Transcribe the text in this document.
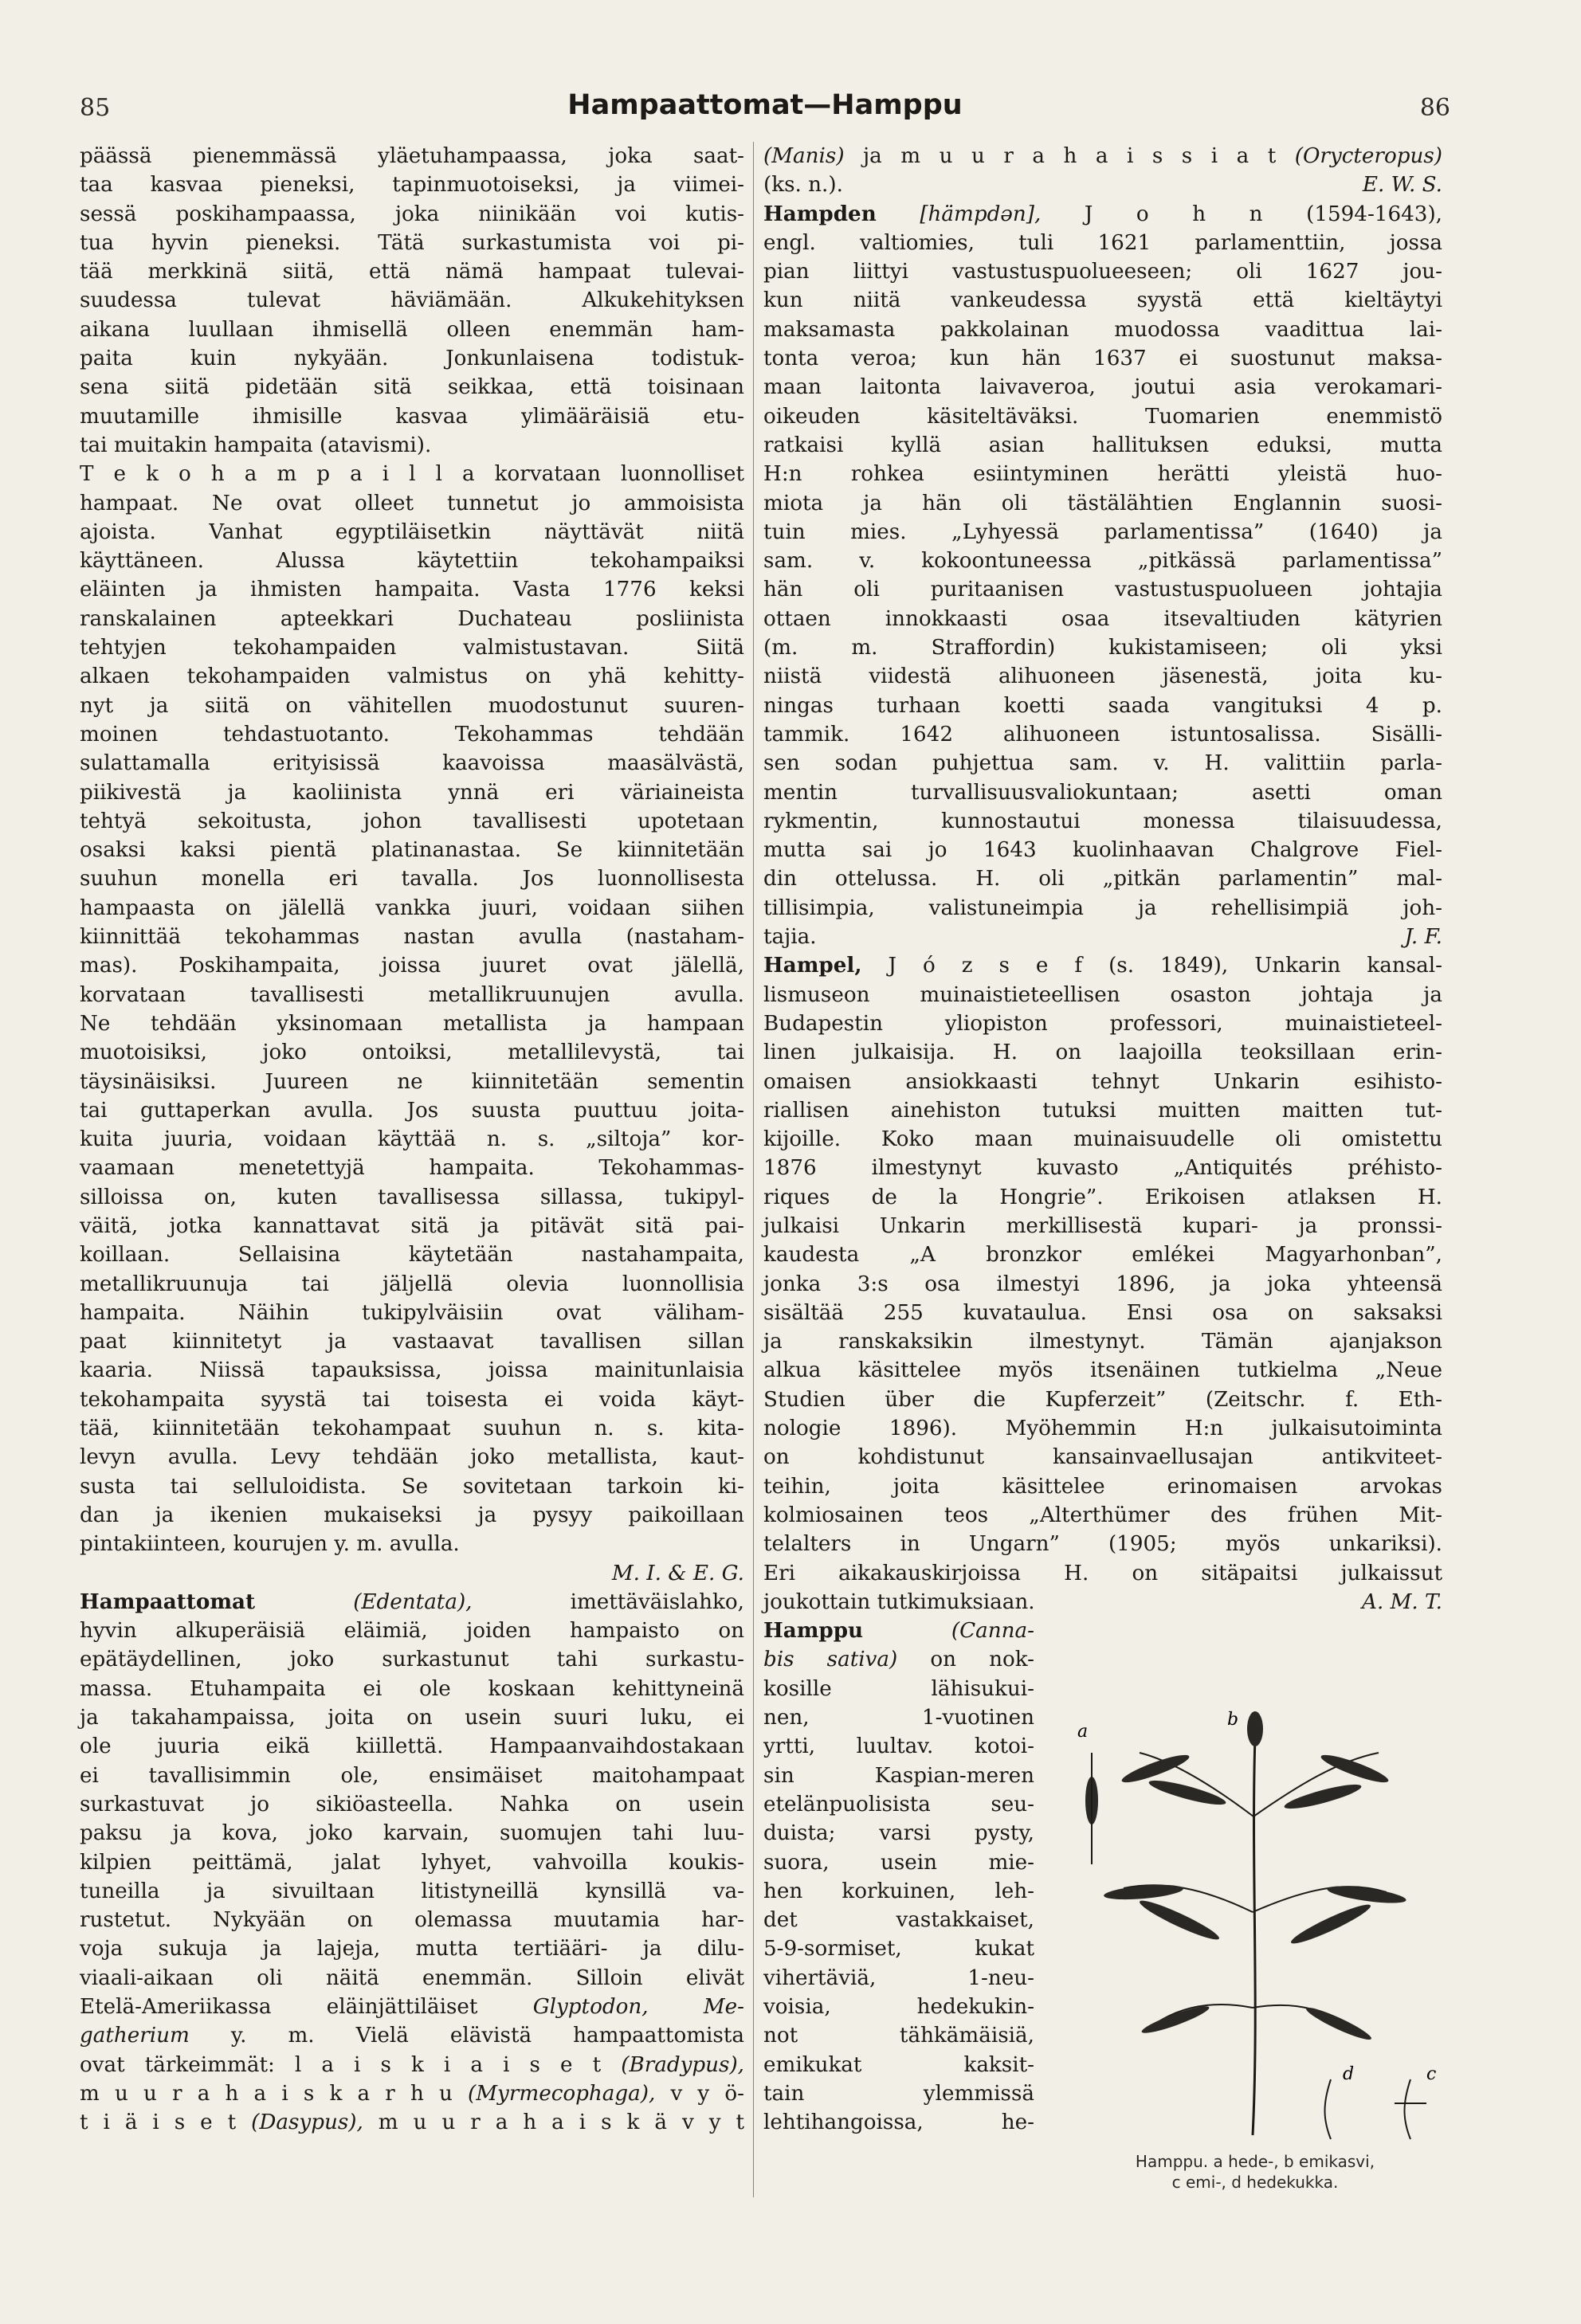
85	Hampaattomat—Hamppu	86
päässä pienemmässä yläetuhampaassa, joka saat-
taa kasvaa pieneksi, tapinmuotoiseksi, ja viimei-
sessä poskihampaassa, joka niinikään voi kutis-
tua hyvin pieneksi. Tätä surkastumista voi pi-
tää merkkinä siitä, että nämä hampaat tulevai-
suudessa tulevat häviämään. Alkukehityksen
aikana luullaan ihmisellä olleen enemmän ham-
paita kuin nykyään. Jonkunlaisena todistuk-
sena siitä pidetään sitä seikkaa, että toisinaan
muutamille ihmisille kasvaa ylimääräisiä etu-
tai muitakin hampaita (atavismi).
T e k o h a m p a i l l a korvataan luonnolliset
hampaat. Ne ovat olleet tunnetut jo ammoisista
ajoista. Vanhat egyptiläisetkin näyttävät niitä
käyttäneen. Alussa käytettiin tekohampaiksi
eläinten ja ihmisten hampaita. Vasta 1776 keksi
ranskalainen apteekkari Duchateau posliinista
tehtyjen tekohampaiden valmistustavan. Siitä
alkaen tekohampaiden valmistus on yhä kehitty-
nyt ja siitä on vähitellen muodostunut suuren-
moinen tehdastuotanto. Tekohammas tehdään
sulattamalla erityisissä kaavoissa maasälvästä,
piikivestä ja kaoliinista ynnä eri väriaineista
tehtyä sekoitusta, johon tavallisesti upotetaan
osaksi kaksi pientä platinanastaa. Se kiinnitetään
suuhun monella eri tavalla. Jos luonnollisesta
hampaasta on jälellä vankka juuri, voidaan siihen
kiinnittää tekohammas nastan avulla (nastaham-
mas). Poskihampaita, joissa juuret ovat jälellä,
korvataan tavallisesti metallikruunujen avulla.
Ne tehdään yksinomaan metallista ja hampaan
muotoisiksi, joko ontoiksi, metallilevystä, tai
täysinäisiksi. Juureen ne kiinnitetään sementin
tai guttaperkan avulla. Jos suusta puuttuu joita-
kuita juuria, voidaan käyttää n. s. „siltoja” kor-
vaamaan menetettyjä hampaita. Tekohammas-
silloissa on, kuten tavallisessa sillassa, tukipyl-
väitä, jotka kannattavat sitä ja pitävät sitä pai-
koillaan. Sellaisina käytetään nastahampaita,
metallikruunuja tai jäljellä olevia luonnollisia
hampaita. Näihin tukipylväisiin ovat väliham-
paat kiinnitetyt ja vastaavat tavallisen sillan
kaaria. Niissä tapauksissa, joissa mainitunlaisia
tekohampaita syystä tai toisesta ei voida käyt-
tää, kiinnitetään tekohampaat suuhun n. s. kita-
levyn avulla. Levy tehdään joko metallista, kaut-
susta tai selluloidista. Se sovitetaan tarkoin ki-
dan ja ikenien mukaiseksi ja pysyy paikoillaan
pintakiinteen, kourujen y. m. avulla.
M. I. & E. G.
Hampaattomat (Edentata), imettäväislahko,
hyvin alkuperäisiä eläimiä, joiden hampaisto on
epätäydellinen, joko surkastunut tahi surkastu-
massa. Etuhampaita ei ole koskaan kehittyneinä
ja takahampaissa, joita on usein suuri luku, ei
ole juuria eikä kiillettä. Hampaanvaihdostakaan
ei tavallisimmin ole, ensimäiset maitohampaat
surkastuvat jo sikiöasteella. Nahka on usein
paksu ja kova, joko karvain, suomujen tahi luu-
kilpien peittämä, jalat lyhyet, vahvoilla koukis-
tuneilla ja sivuiltaan litistyneillä kynsillä va-
rustetut. Nykyään on olemassa muutamia har-
voja sukuja ja lajeja, mutta tertiääri- ja dilu-
viaali-aikaan oli näitä enemmän. Silloin elivät
Etelä-Ameriikassa eläinjättiläiset Glyptodon, Me-
gatherium y. m. Vielä elävistä hampaattomista
ovat tärkeimmät: l a i s k i a i s e t (Bradypus),
m u u r a h a i s k a r h u (Myrmecophaga), v y ö-
t i ä i s e t (Dasypus), m u u r a h a i s k ä v y t
(Manis) ja m u u r a h a i s s i a t (Orycteropus)
(ks. n.).	E. W. S.
Hampden [hämpdən], J o h n (1594-1643),
engl. valtiomies, tuli 1621 parlamenttiin, jossa
pian liittyi vastustuspuolueeseen; oli 1627 jou-
kun niitä vankeudessa syystä että kieltäytyi
maksamasta pakkolainan muodossa vaadittua lai-
tonta veroa; kun hän 1637 ei suostunut maksa-
maan laitonta laivaveroa, joutui asia verokamari-
oikeuden käsiteltäväksi. Tuomarien enemmistö
ratkaisi kyllä asian hallituksen eduksi, mutta
H:n rohkea esiintyminen herätti yleistä huo-
miota ja hän oli tästälähtien Englannin suosi-
tuin mies. „Lyhyessä parlamentissa” (1640) ja
sam. v. kokoontuneessa „pitkässä parlamentissa”
hän oli puritaanisen vastustuspuolueen johtajia
ottaen innokkaasti osaa itsevaltiuden kätyrien
(m. m. Straffordin) kukistamiseen; oli yksi
niistä viidestä alihuoneen jäsenestä, joita ku-
ningas turhaan koetti saada vangituksi 4 p.
tammik. 1642 alihuoneen istuntosalissa. Sisälli-
sen sodan puhjettua sam. v. H. valittiin parla-
mentin turvallisuusvaliokuntaan; asetti oman
rykmentin, kunnostautui monessa tilaisuudessa,
mutta sai jo 1643 kuolinhaavan Chalgrove Fiel-
din ottelussa. H. oli „pitkän parlamentin” mal-
tillisimpia, valistuneimpia ja rehellisimpiä joh-
tajia.	J. F.
Hampel, J ó z s e f (s. 1849), Unkarin kansal-
lismuseon muinaistieteellisen osaston johtaja ja
Budapestin yliopiston professori, muinaistieteel-
linen julkaisija. H. on laajoilla teoksillaan erin-
omaisen ansiokkaasti tehnyt Unkarin esihisto-
riallisen ainehiston tutuksi muitten maitten tut-
kijoille. Koko maan muinaisuudelle oli omistettu
1876 ilmestynyt kuvasto „Antiquités préhisto-
riques de la Hongrie”. Erikoisen atlaksen H.
julkaisi Unkarin merkillisestä kupari- ja pronssi-
kaudesta „A bronzkor emlékei Magyarhonban”,
jonka 3:s osa ilmestyi 1896, ja joka yhteensä
sisältää 255 kuvataulua. Ensi osa on saksaksi
ja ranskaksikin ilmestynyt. Tämän ajanjakson
alkua käsittelee myös itsenäinen tutkielma „Neue
Studien über die Kupferzeit” (Zeitschr. f. Eth-
nologie 1896). Myöhemmin H:n julkaisutoiminta
on kohdistunut kansainvaellusajan antikviteet-
teihin, joita käsittelee erinomaisen arvokas
kolmiosainen teos „Alterthümer des frühen Mit-
telalters in Ungarn” (1905; myös unkariksi).
Eri aikakauskirjoissa H. on sitäpaitsi julkaissut
joukottain tutkimuksiaan.	A. M. T.
Hamppu (Canna-
bis sativa) on nok-
kosille lähisukui-
nen, 1-vuotinen
yrtti, luultav. kotoi-
sin Kaspian-meren
etelänpuolisista seu-
duista; varsi pysty,
suora, usein mie-
hen korkuinen, leh-
det vastakkaiset,
5-9-sormiset, kukat
vihertäviä, 1-neu-
voisia, hedekukin-
not tähkämäisiä,
emikukat kaksit-
tain ylemmissä
lehtihangoissa, he-
a
b
c
d
Hamppu. a hede-, b emikasvi,
c emi-, d hedekukka.
